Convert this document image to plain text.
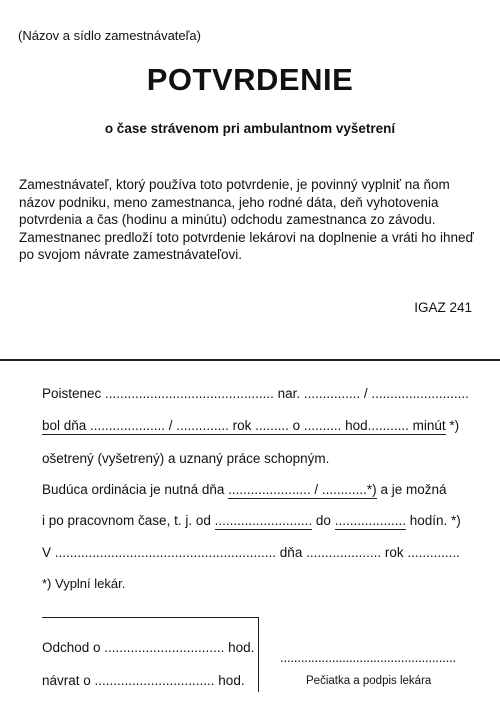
(Názov a sídlo zamestnávateľa)
POTVRDENIE
o čase strávenom pri ambulantnom vyšetrení

Zamestnávateľ, ktorý používa toto potvrdenie, je povinný vyplniť na ňom názov podniku, meno zamestnanca, jeho rodné dáta, deň vyhotovenia potvrdenia a čas (hodinu a minútu) odchodu zamestnanca zo závodu.

Zamestnanec predloží toto potvrdenie lekárovi na doplnenie a vráti ho ihneď po svojom návrate zamestnávateľovi.

IGAZ 241
Poistenec ............................................. nar. ............... / ..........................
bol dňa .................... / .............. rok ......... o .......... hod........... minút *)
ošetrený (vyšetrený) a uznaný práce schopným.
Budúca ordinácia je nutná dňa ...................... / ............*) a je možná
i po pracovnom čase, t. j. od .......................... do ................... hodín. *)
V ........................................................... dňa .................... rok ..............
*) Vyplní lekár.
Odchod o ................................ hod.
návrat o ................................ hod.
...................................................
Pečiatka a podpis lekára
